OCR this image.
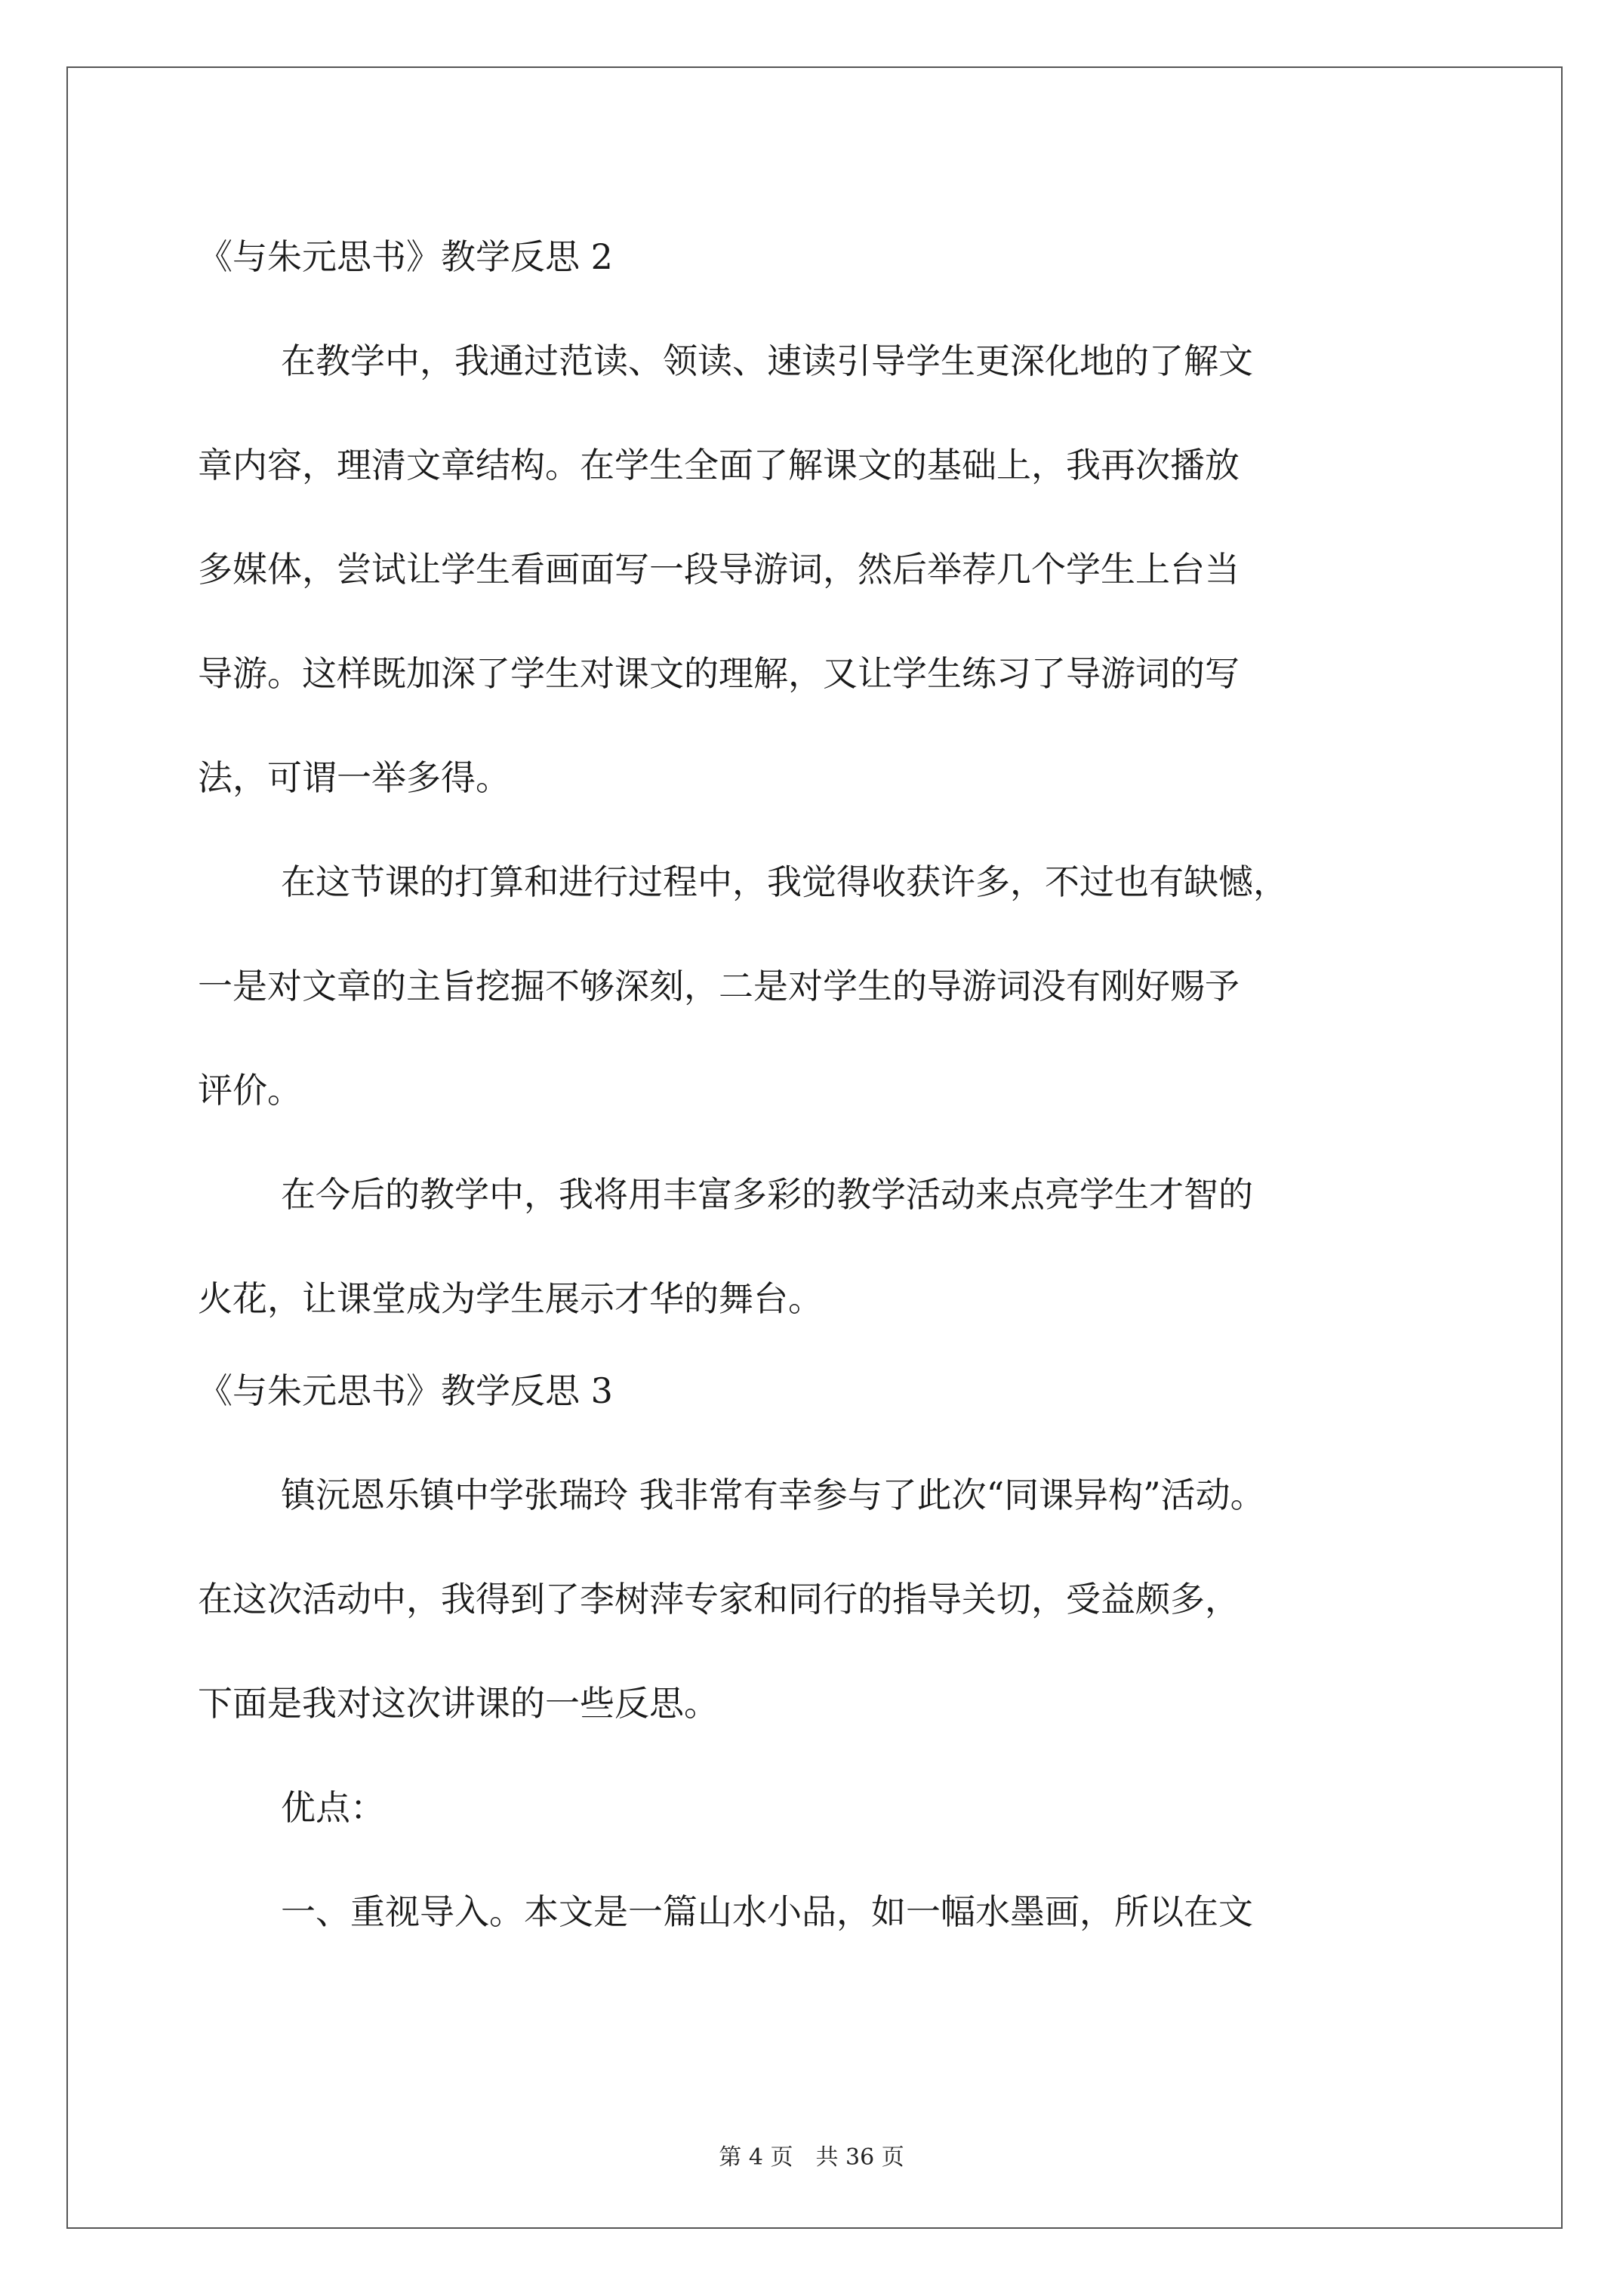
《与朱元思书》教学反思 2
在教学中，我通过范读、领读、速读引导学生更深化地的了解文
章内容，理清文章结构。在学生全面了解课文的基础上，我再次播放
多媒体，尝试让学生看画面写一段导游词，然后举荐几个学生上台当
导游。这样既加深了学生对课文的理解，又让学生练习了导游词的写
法，可谓一举多得。
在这节课的打算和进行过程中，我觉得收获许多，不过也有缺憾，
一是对文章的主旨挖掘不够深刻，二是对学生的导游词没有刚好赐予
评价。
在今后的教学中，我将用丰富多彩的教学活动来点亮学生才智的
火花，让课堂成为学生展示才华的舞台。
《与朱元思书》教学反思 3
镇沅恩乐镇中学张瑞玲 我非常有幸参与了此次“同课异构”活动。
在这次活动中，我得到了李树萍专家和同行的指导关切，受益颇多，
下面是我对这次讲课的一些反思。
优点：
一、重视导入。本文是一篇山水小品，如一幅水墨画，所以在文
第 4 页　共 36 页
